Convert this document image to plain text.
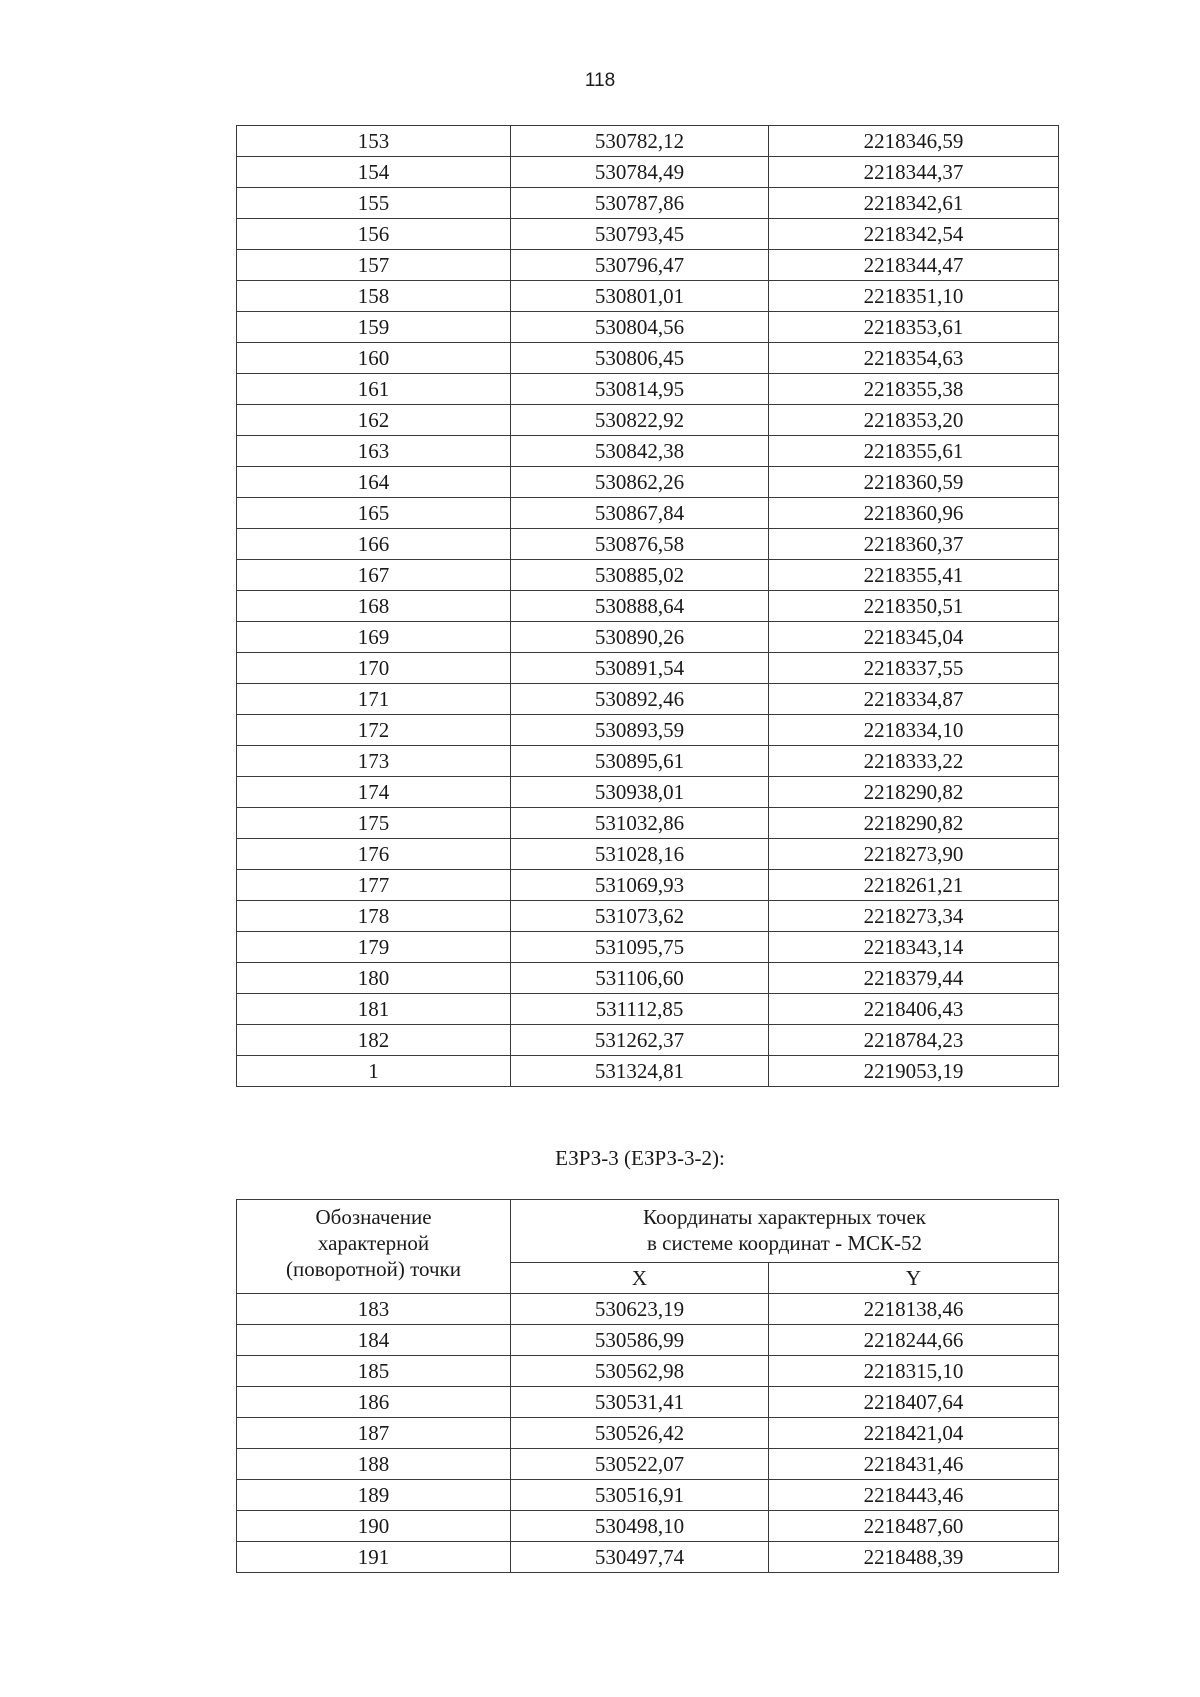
118
153	530782,12	2218346,59
154	530784,49	2218344,37
155	530787,86	2218342,61
156	530793,45	2218342,54
157	530796,47	2218344,47
158	530801,01	2218351,10
159	530804,56	2218353,61
160	530806,45	2218354,63
161	530814,95	2218355,38
162	530822,92	2218353,20
163	530842,38	2218355,61
164	530862,26	2218360,59
165	530867,84	2218360,96
166	530876,58	2218360,37
167	530885,02	2218355,41
168	530888,64	2218350,51
169	530890,26	2218345,04
170	530891,54	2218337,55
171	530892,46	2218334,87
172	530893,59	2218334,10
173	530895,61	2218333,22
174	530938,01	2218290,82
175	531032,86	2218290,82
176	531028,16	2218273,90
177	531069,93	2218261,21
178	531073,62	2218273,34
179	531095,75	2218343,14
180	531106,60	2218379,44
181	531112,85	2218406,43
182	531262,37	2218784,23
1	531324,81	2219053,19
ЕЗРЗ-3 (ЕЗРЗ-3-2):
Обозначение
характерной
(поворотной) точки	Координаты характерных точек
в системе координат - МСК-52	

	X	Y
183	530623,19	2218138,46
184	530586,99	2218244,66
185	530562,98	2218315,10
186	530531,41	2218407,64
187	530526,42	2218421,04
188	530522,07	2218431,46
189	530516,91	2218443,46
190	530498,10	2218487,60
191	530497,74	2218488,39
